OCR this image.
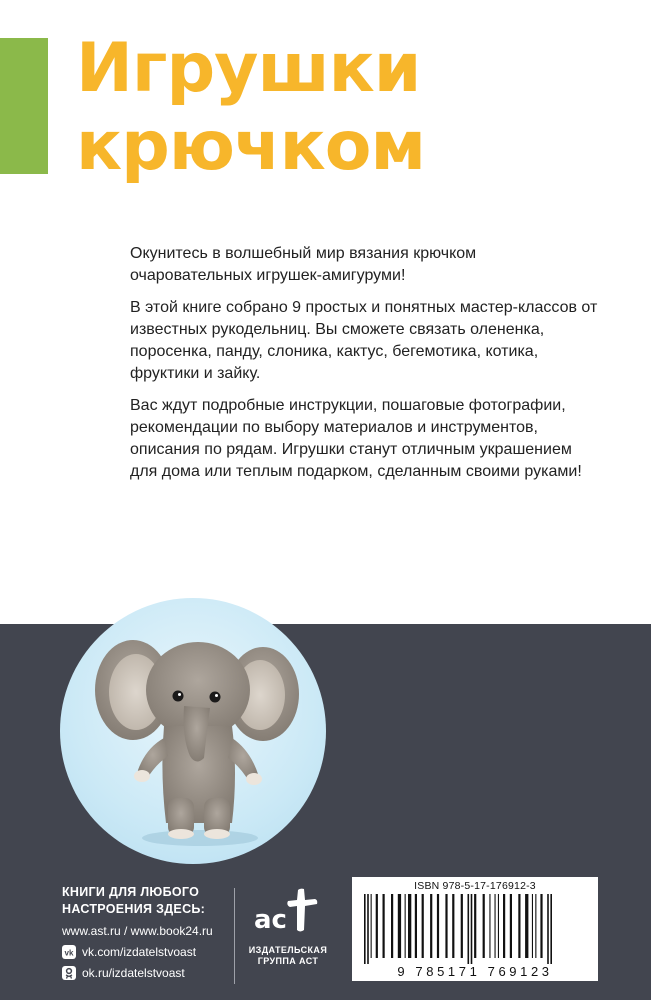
Игрушки
крючком

Окунитесь в волшебный мир вязания крючком очаровательных игрушек-амигуруми!

В этой книге собрано 9 простых и понятных мастер-классов от известных рукодельниц. Вы сможете связать олененка, поросенка, панду, слоника, кактус, бегемотика, котика, фруктики и зайку.

Вас ждут подробные инструкции, пошаговые фотографии, рекомендации по выбору материалов и инструментов, описания по рядам. Игрушки станут отличным украшением для дома или теплым подарком, сделанным своими руками!

КНИГИ ДЛЯ ЛЮБОГО
НАСТРОЕНИЯ ЗДЕСЬ:
www.ast.ru / www.book24.ru
vk vk.com/izdatelstvoast
ok.ru/izdatelstvoast
ac
ИЗДАТЕЛЬСКАЯ
ГРУППА АСТ
ISBN 978-5-17-176912-3
9 785171 769123
